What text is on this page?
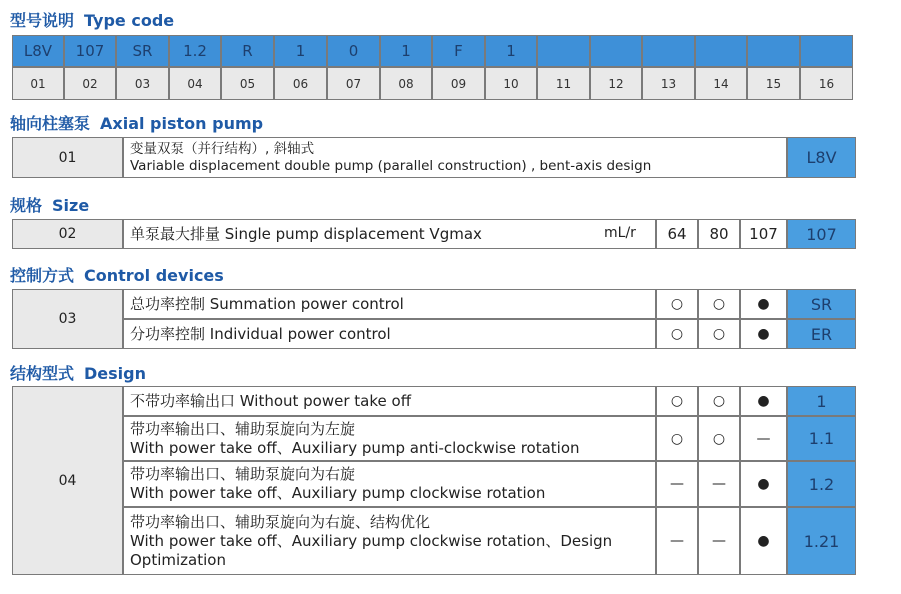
型号说明 Type code
L8V	107	SR	1.2	R	1	0	1	F	1
01	02	03	04	05	06	07	08	09	10	11	12	13	14	15	16
轴向柱塞泵 Axial piston pump
01
变量双泵（并行结构）, 斜轴式
Variable displacement double pump (parallel construction) , bent-axis design	L8V
规格 Size
02	单泵最大排量 Single pump displacement Vgmax	mL/r	64	80	107	107
控制方式 Control devices
03
总功率控制 Summation power control	○	○	●	SR
分功率控制 Individual power control	○	○	●	ER
结构型式 Design
04
不带功率输出口 Without power take off	○	○	●	1
带功率输出口、辅助泵旋向为左旋
With power take off、Auxiliary pump anti-clockwise rotation	○	○	—	1.1
带功率输出口、辅助泵旋向为右旋
With power take off、Auxiliary pump clockwise rotation	—	—	●	1.2
带功率输出口、辅助泵旋向为右旋、结构优化
With power take off、Auxiliary pump clockwise rotation、Design
Optimization
—	—	●	1.21
